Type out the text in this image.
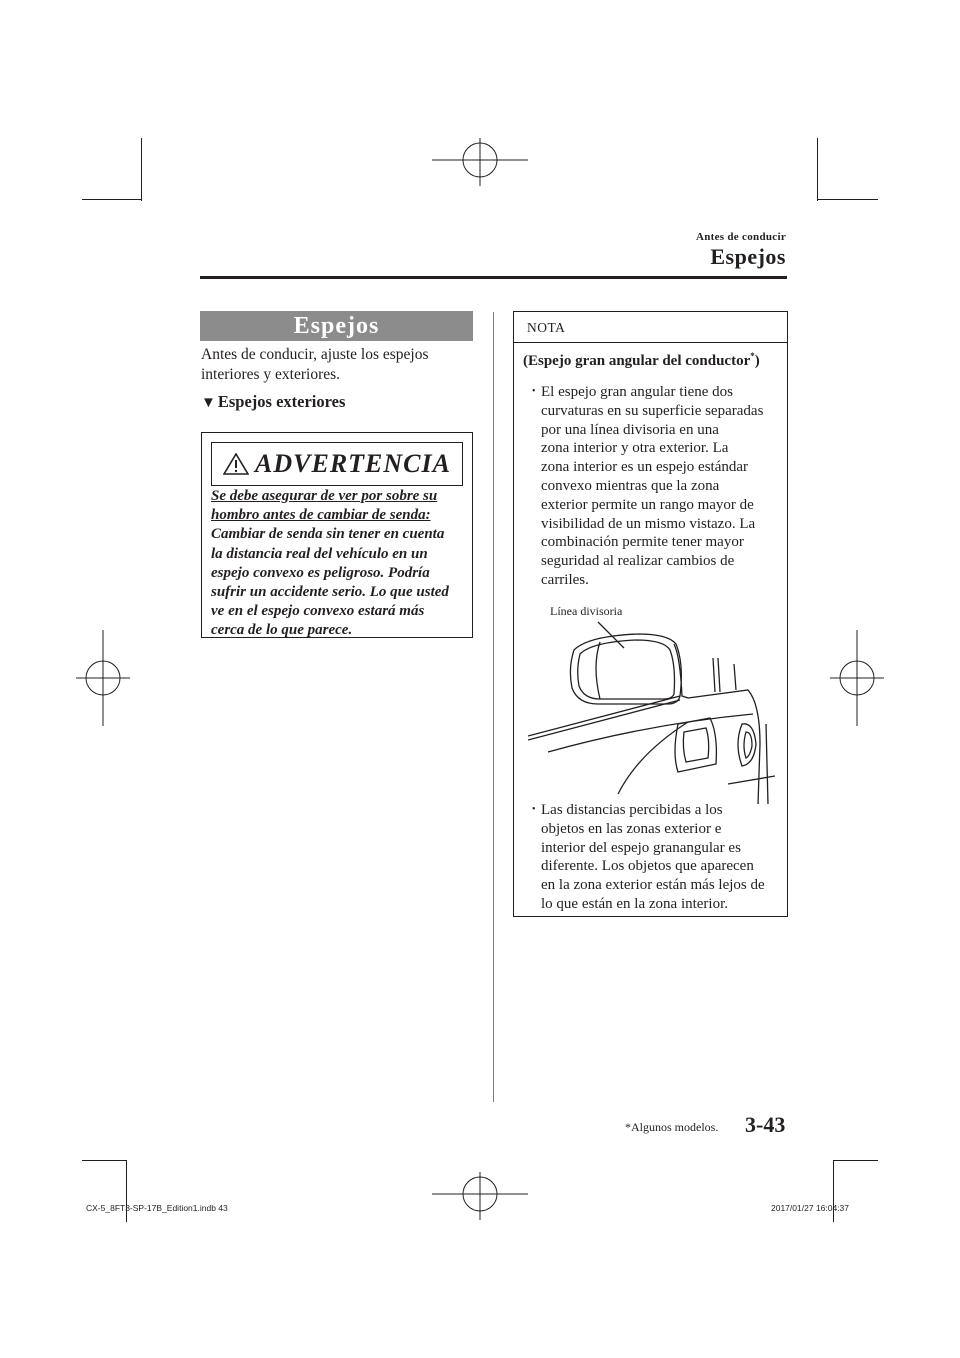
Antes de conducir
Espejos
Espejos
Antes de conducir, ajuste los espejos interiores y exteriores.
▼ Espejos exteriores
ADVERTENCIA
Se debe asegurar de ver por sobre su
hombro antes de cambiar de senda:
Cambiar de senda sin tener en cuenta
la distancia real del vehículo en un
espejo convexo es peligroso. Podría
sufrir un accidente serio. Lo que usted
ve en el espejo convexo estará más
cerca de lo que parece.
NOTA
(Espejo gran angular del conductor*)
• El espejo gran angular tiene dos
curvaturas en su superficie separadas
por una línea divisoria en una
zona interior y otra exterior. La
zona interior es un espejo estándar
convexo mientras que la zona
exterior permite un rango mayor de
visibilidad de un mismo vistazo. La
combinación permite tener mayor
seguridad al realizar cambios de
carriles.
• Las distancias percibidas a los
objetos en las zonas exterior e
interior del espejo granangular es
diferente. Los objetos que aparecen
en la zona exterior están más lejos de
lo que están en la zona interior.
Línea divisoria
*Algunos modelos. 3-43
CX-5_8FT3-SP-17B_Edition1.indb 43	2017/01/27 16:04:37
